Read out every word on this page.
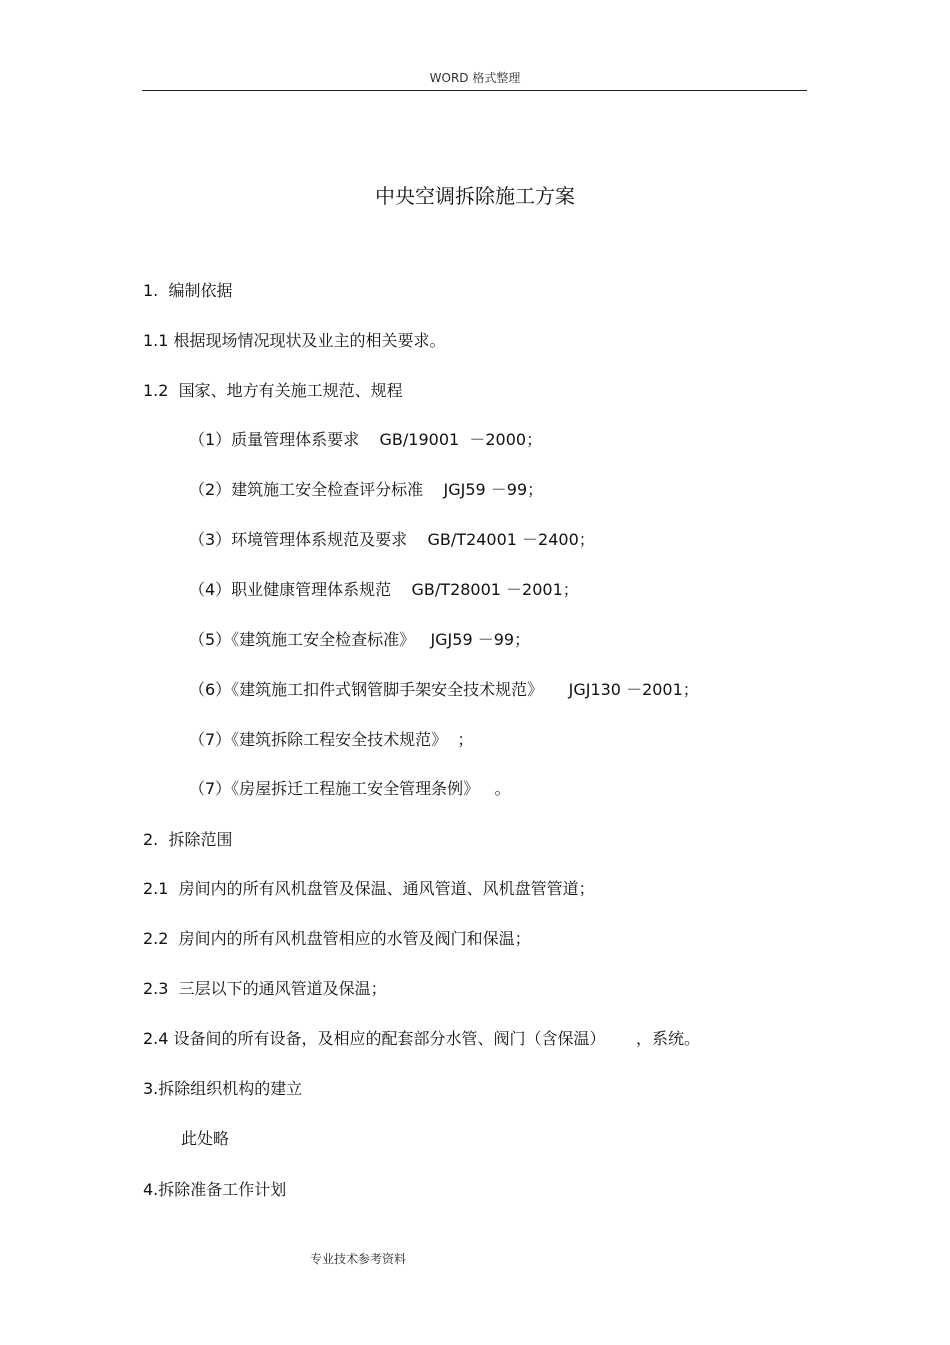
WORD 格式整理
中央空调拆除施工方案
1.  编制依据
1.1 根据现场情况现状及业主的相关要求。
1.2  国家、地方有关施工规范、规程
（1）质量管理体系要求    GB/19001  －2000；
（2）建筑施工安全检查评分标准    JGJ59 －99；
（3）环境管理体系规范及要求    GB/T24001 －2400；
（4）职业健康管理体系规范    GB/T28001 －2001；
（5）《建筑施工安全检查标准》   JGJ59 －99；
（6）《建筑施工扣件式钢管脚手架安全技术规范》     JGJ130 －2001；
（7）《建筑拆除工程安全技术规范》  ；
（7）《房屋拆迁工程施工安全管理条例》   。
2.  拆除范围
2.1  房间内的所有风机盘管及保温、通风管道、风机盘管管道；
2.2  房间内的所有风机盘管相应的水管及阀门和保温；
2.3  三层以下的通风管道及保温；
2.4 设备间的所有设备，及相应的配套部分水管、阀门（含保温）      ，系统。
3.拆除组织机构的建立
此处略
4.拆除准备工作计划
专业技术参考资料
